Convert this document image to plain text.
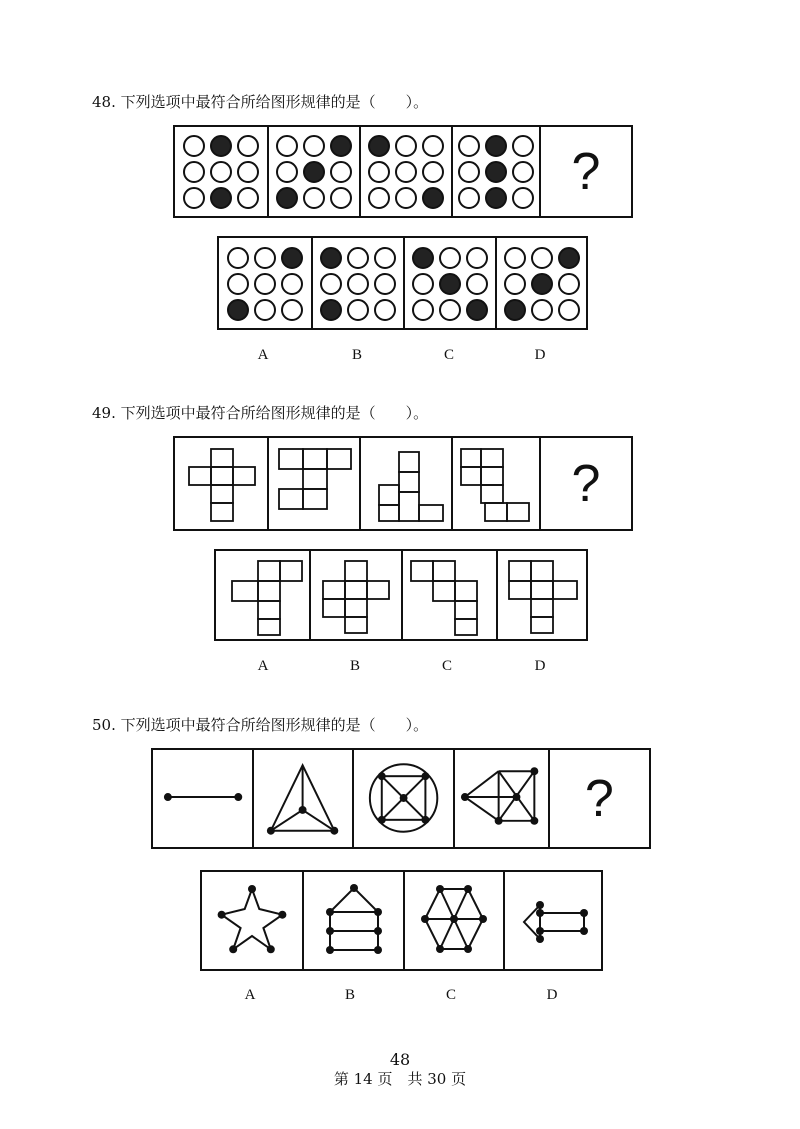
48. 下列选项中最符合所给图形规律的是（　　）。
?
A	B	C	D
49. 下列选项中最符合所给图形规律的是（　　）。
?
A	B	C	D
50. 下列选项中最符合所给图形规律的是（　　）。
?
A	B	C	D
48
第 14 页　共 30 页
